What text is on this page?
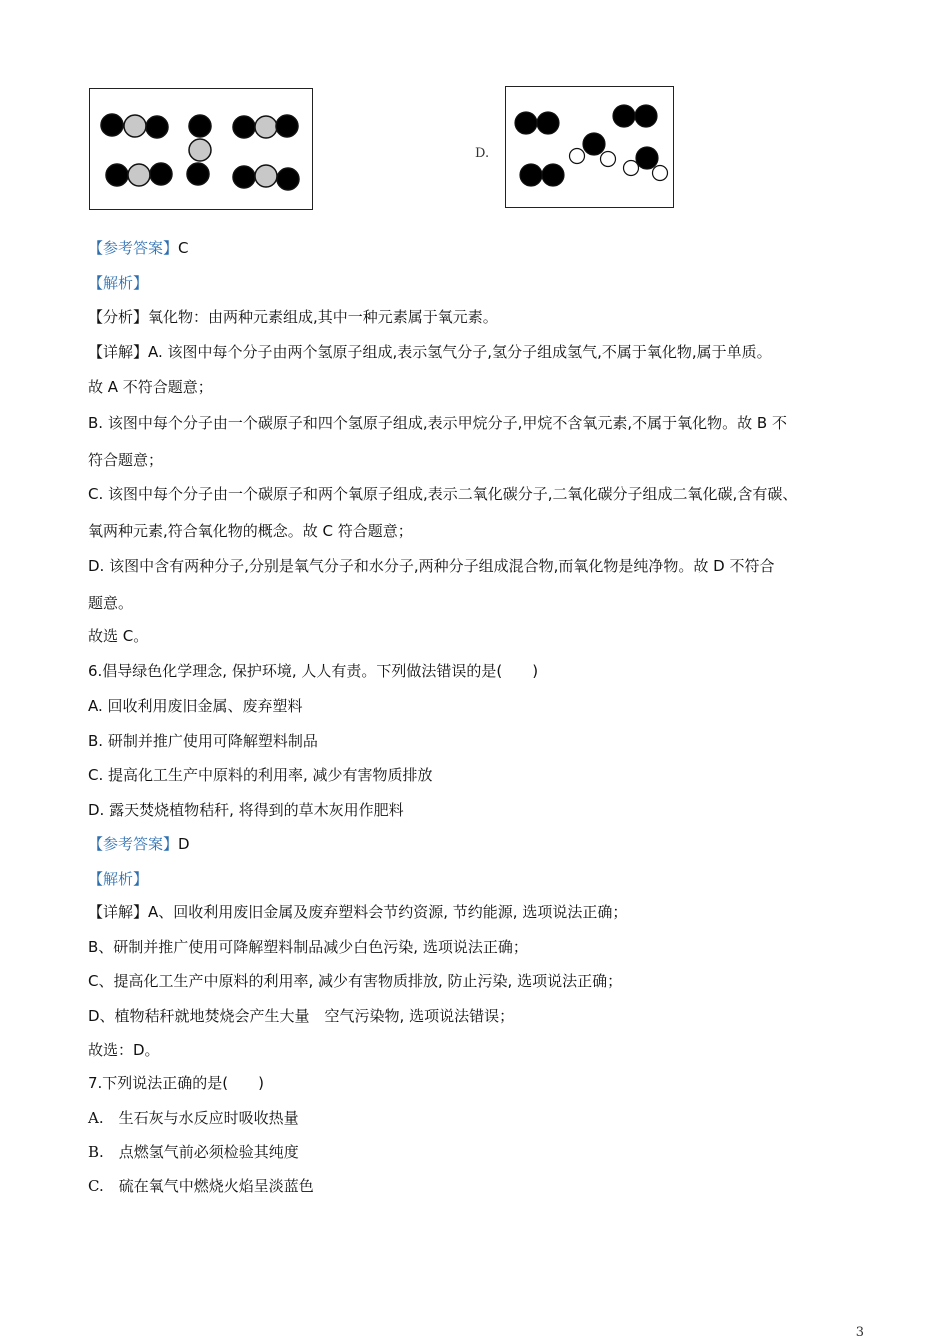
D.
【参考答案】C
【解析】
【分析】氧化物：由两种元素组成,其中一种元素属于氧元素。
【详解】A. 该图中每个分子由两个氢原子组成,表示氢气分子,氢分子组成氢气,不属于氧化物,属于单质。
故 A 不符合题意；
B. 该图中每个分子由一个碳原子和四个氢原子组成,表示甲烷分子,甲烷不含氧元素,不属于氧化物。故 B 不
符合题意；
C. 该图中每个分子由一个碳原子和两个氧原子组成,表示二氧化碳分子,二氧化碳分子组成二氧化碳,含有碳、
氧两种元素,符合氧化物的概念。故 C 符合题意；
D. 该图中含有两种分子,分别是氧气分子和水分子,两种分子组成混合物,而氧化物是纯净物。故 D 不符合
题意。
故选 C。
6.倡导绿色化学理念, 保护环境, 人人有责。下列做法错误的是(　　)
A. 回收利用废旧金属、废弃塑料
B. 研制并推广使用可降解塑料制品
C. 提高化工生产中原料的利用率, 减少有害物质排放
D. 露天焚烧植物秸秆, 将得到的草木灰用作肥料
【参考答案】D
【解析】
【详解】A、回收利用废旧金属及废弃塑料会节约资源, 节约能源, 选项说法正确；
B、研制并推广使用可降解塑料制品减少白色污染, 选项说法正确；
C、提高化工生产中原料的利用率, 减少有害物质排放, 防止污染, 选项说法正确；
D、植物秸秆就地焚烧会产生大量　空气污染物, 选项说法错误；
故选：D。
7.下列说法正确的是(　　)
A.　生石灰与水反应时吸收热量
B.　点燃氢气前必须检验其纯度
C.　硫在氧气中燃烧火焰呈淡蓝色
3
